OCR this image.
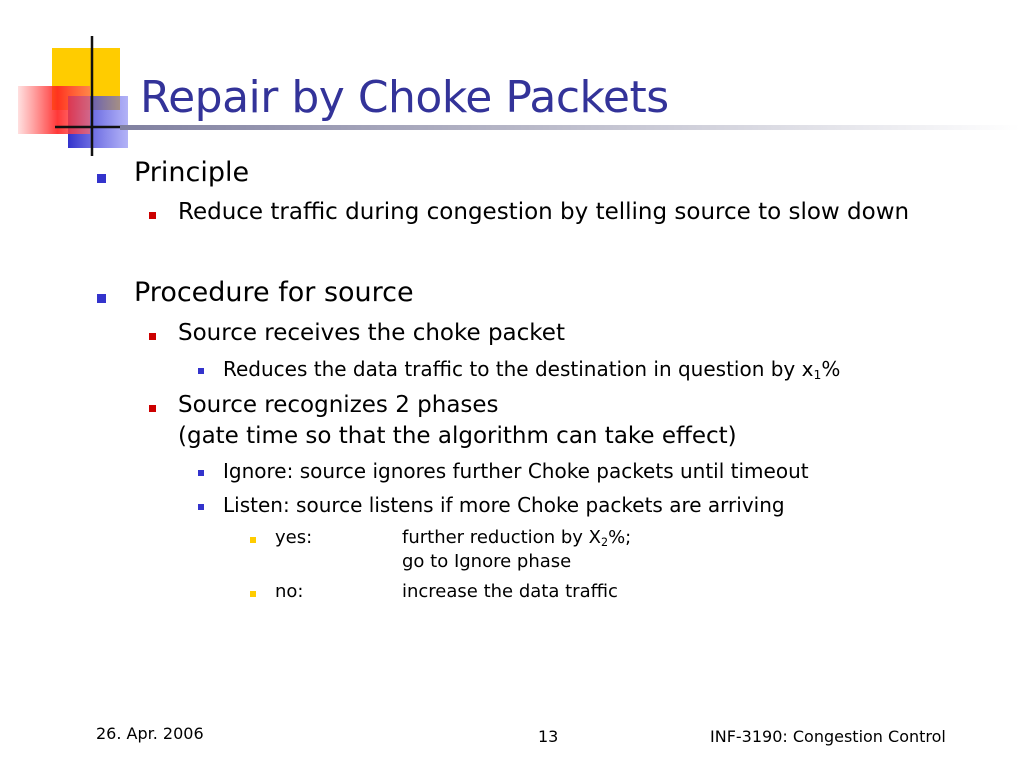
Repair by Choke Packets
Principle
Reduce traffic during congestion by telling source to slow down
Procedure for source
Source receives the choke packet
Reduces the data traffic to the destination in question by $x_1\%$
Source recognizes 2 phases
(gate time so that the algorithm can take effect)
Ignore: source ignores further Choke packets until timeout
Listen: source listens if more Choke packets are arriving
yes:	further reduction by $X_2\%$;
go to Ignore phase
no:	increase the data traffic
26. Apr. 2006	13	INF-3190: Congestion Control
